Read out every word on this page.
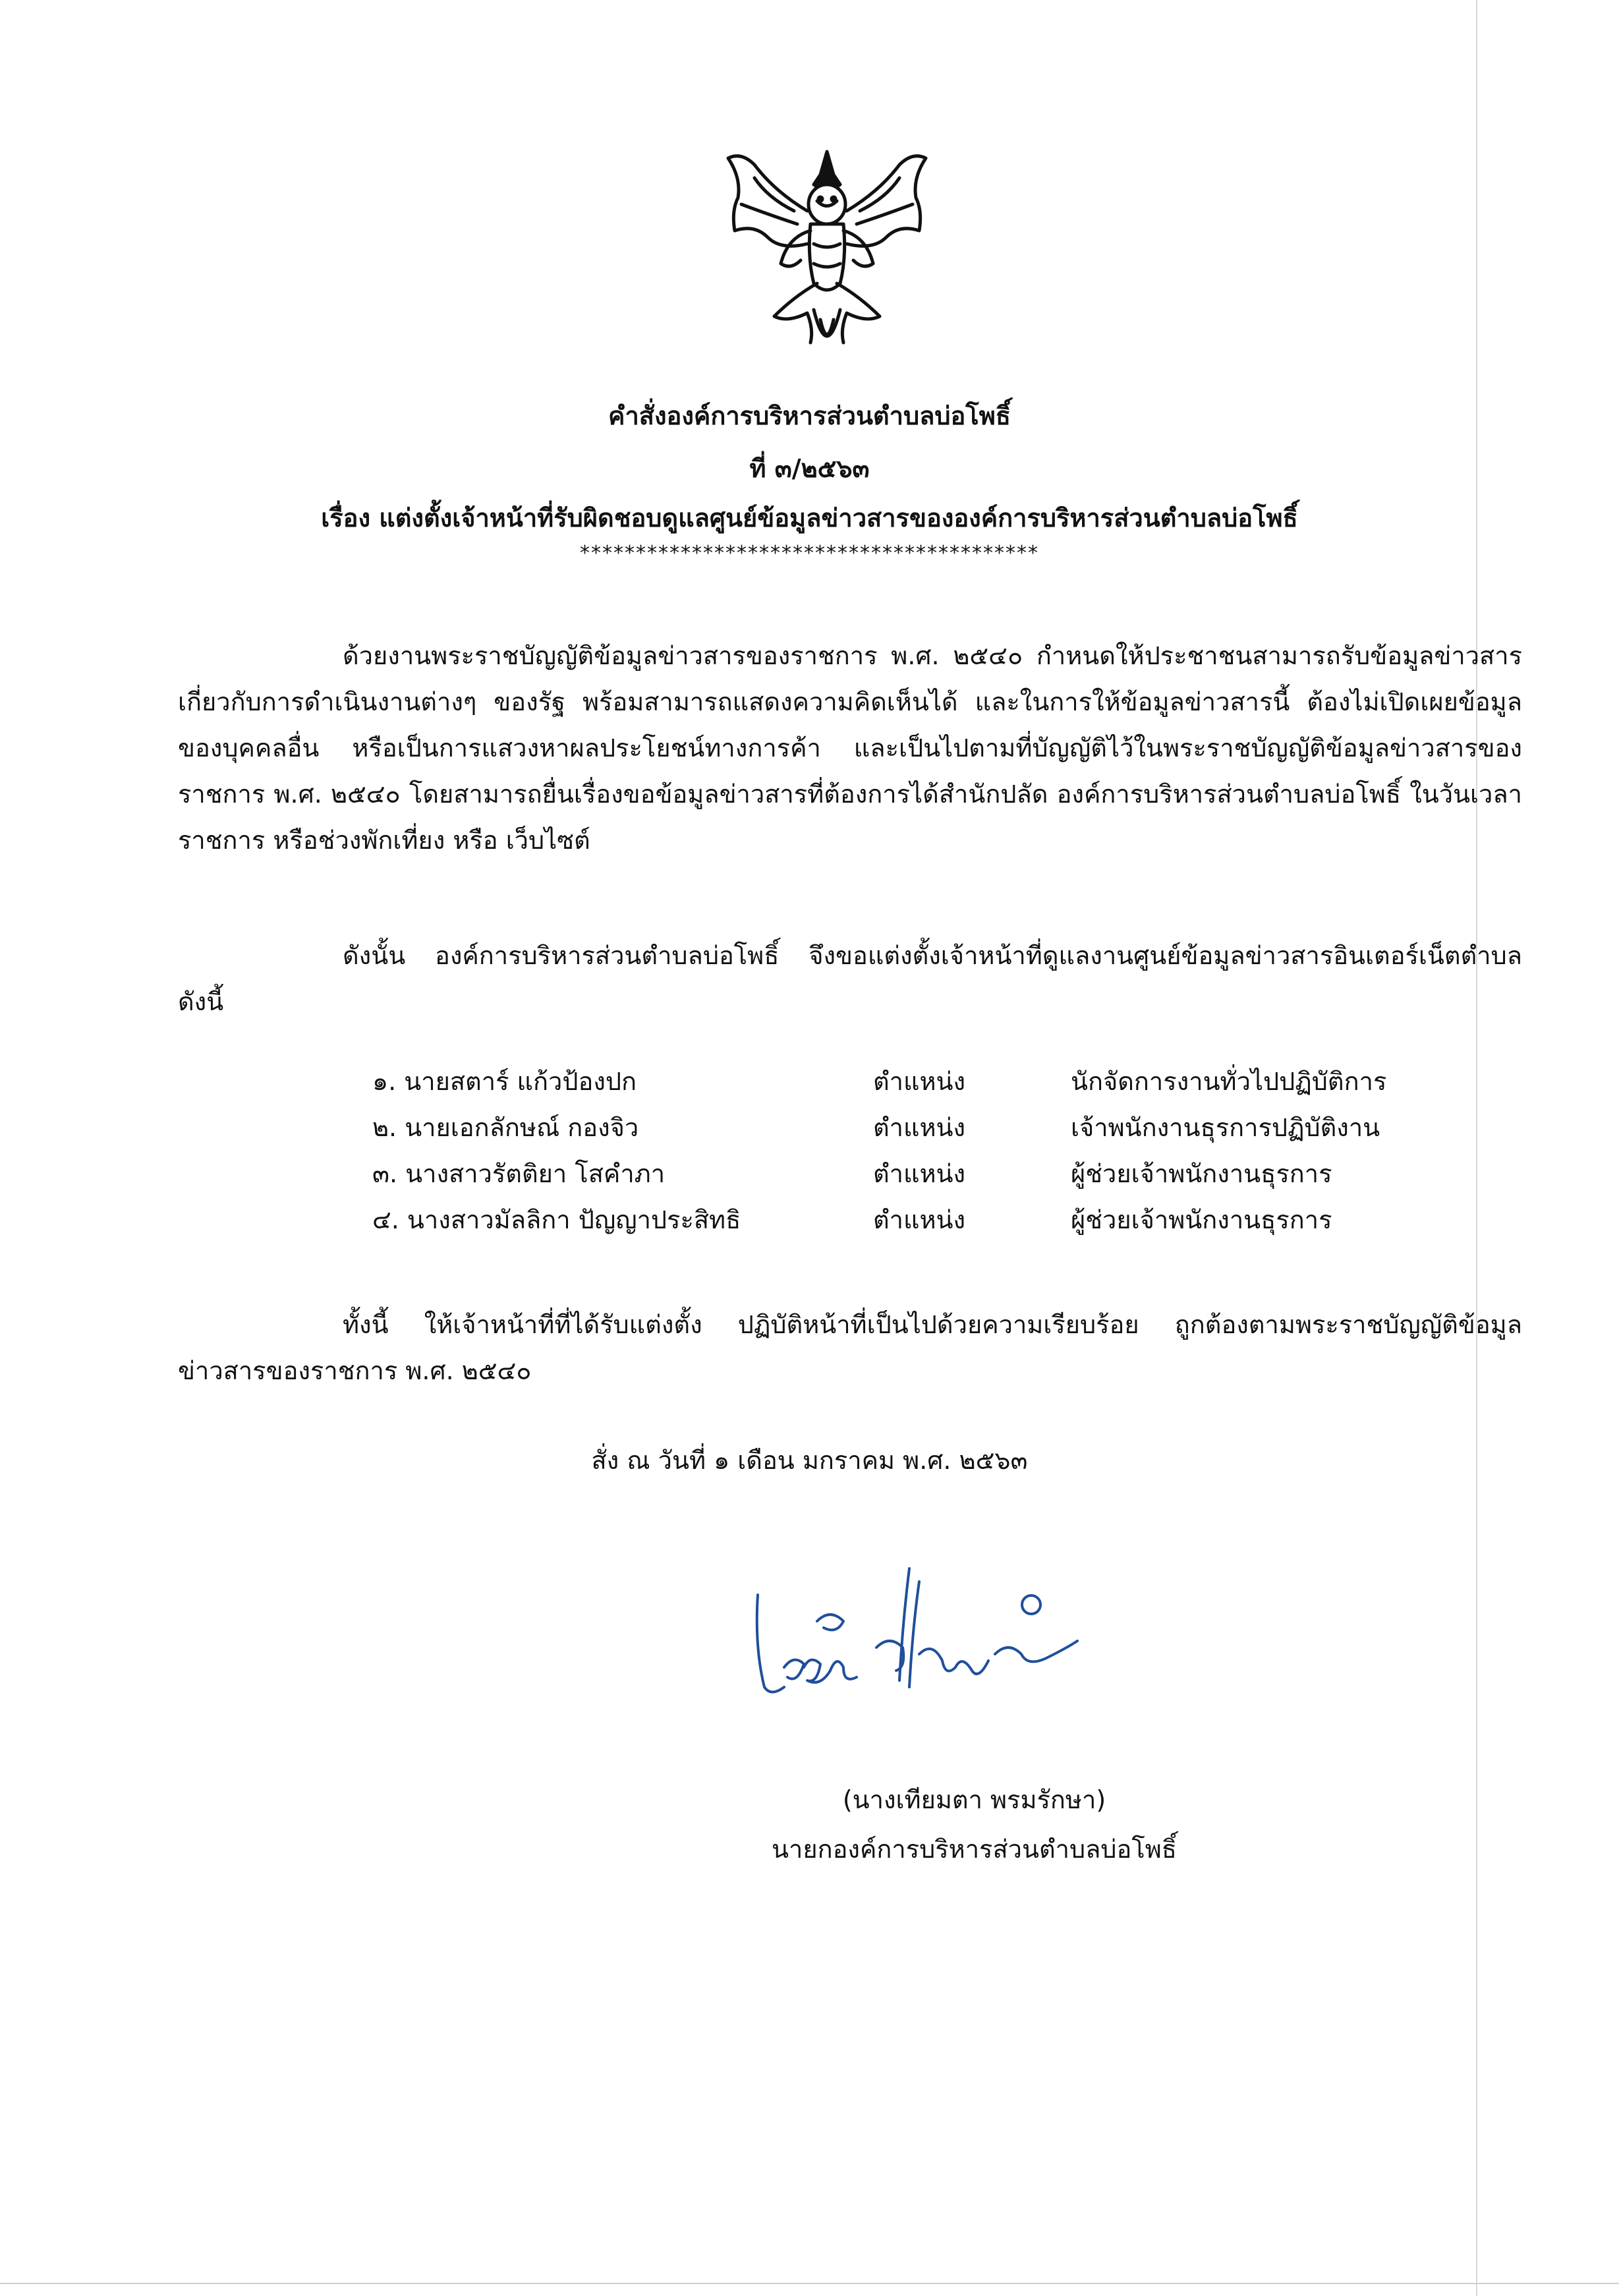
คำสั่งองค์การบริหารส่วนตำบลบ่อโพธิ์
ที่ ๓/๒๕๖๓
เรื่อง แต่งตั้งเจ้าหน้าที่รับผิดชอบดูแลศูนย์ข้อมูลข่าวสารขององค์การบริหารส่วนตำบลบ่อโพธิ์
*****************************************
ด้วยงานพระราชบัญญัติข้อมูลข่าวสารของราชการ พ.ศ. ๒๕๔๐ กำหนดให้ประชาชนสามารถรับข้อมูลข่าวสารเกี่ยวกับการดำเนินงานต่างๆ ของรัฐ พร้อมสามารถแสดงความคิดเห็นได้ และในการให้ข้อมูลข่าวสารนี้ ต้องไม่เปิดเผยข้อมูลของบุคคลอื่น หรือเป็นการแสวงหาผลประโยชน์ทางการค้า และเป็นไปตามที่บัญญัติไว้ในพระราชบัญญัติข้อมูลข่าวสารของราชการ พ.ศ. ๒๕๔๐ โดยสามารถยื่นเรื่องขอข้อมูลข่าวสารที่ต้องการได้สำนักปลัด องค์การบริหารส่วนตำบลบ่อโพธิ์ ในวันเวลาราชการ หรือช่วงพักเที่ยง หรือ เว็บไซต์
ดังนั้น องค์การบริหารส่วนตำบลบ่อโพธิ์ จึงขอแต่งตั้งเจ้าหน้าที่ดูแลงานศูนย์ข้อมูลข่าวสารอินเตอร์เน็ตตำบล ดังนี้
๑. นายสตาร์ แก้วป้องปก	ตำแหน่ง	นักจัดการงานทั่วไปปฏิบัติการ
๒. นายเอกลักษณ์ กองจิว	ตำแหน่ง	เจ้าพนักงานธุรการปฏิบัติงาน
๓. นางสาวรัตติยา โสคำภา	ตำแหน่ง	ผู้ช่วยเจ้าพนักงานธุรการ
๔. นางสาวมัลลิกา ปัญญาประสิทธิ	ตำแหน่ง	ผู้ช่วยเจ้าพนักงานธุรการ
ทั้งนี้ ให้เจ้าหน้าที่ที่ได้รับแต่งตั้ง ปฏิบัติหน้าที่เป็นไปด้วยความเรียบร้อย ถูกต้องตามพระราชบัญญัติข้อมูลข่าวสารของราชการ พ.ศ. ๒๕๔๐
สั่ง ณ วันที่ ๑ เดือน มกราคม พ.ศ. ๒๕๖๓
(นางเทียมตา พรมรักษา)
นายกองค์การบริหารส่วนตำบลบ่อโพธิ์
